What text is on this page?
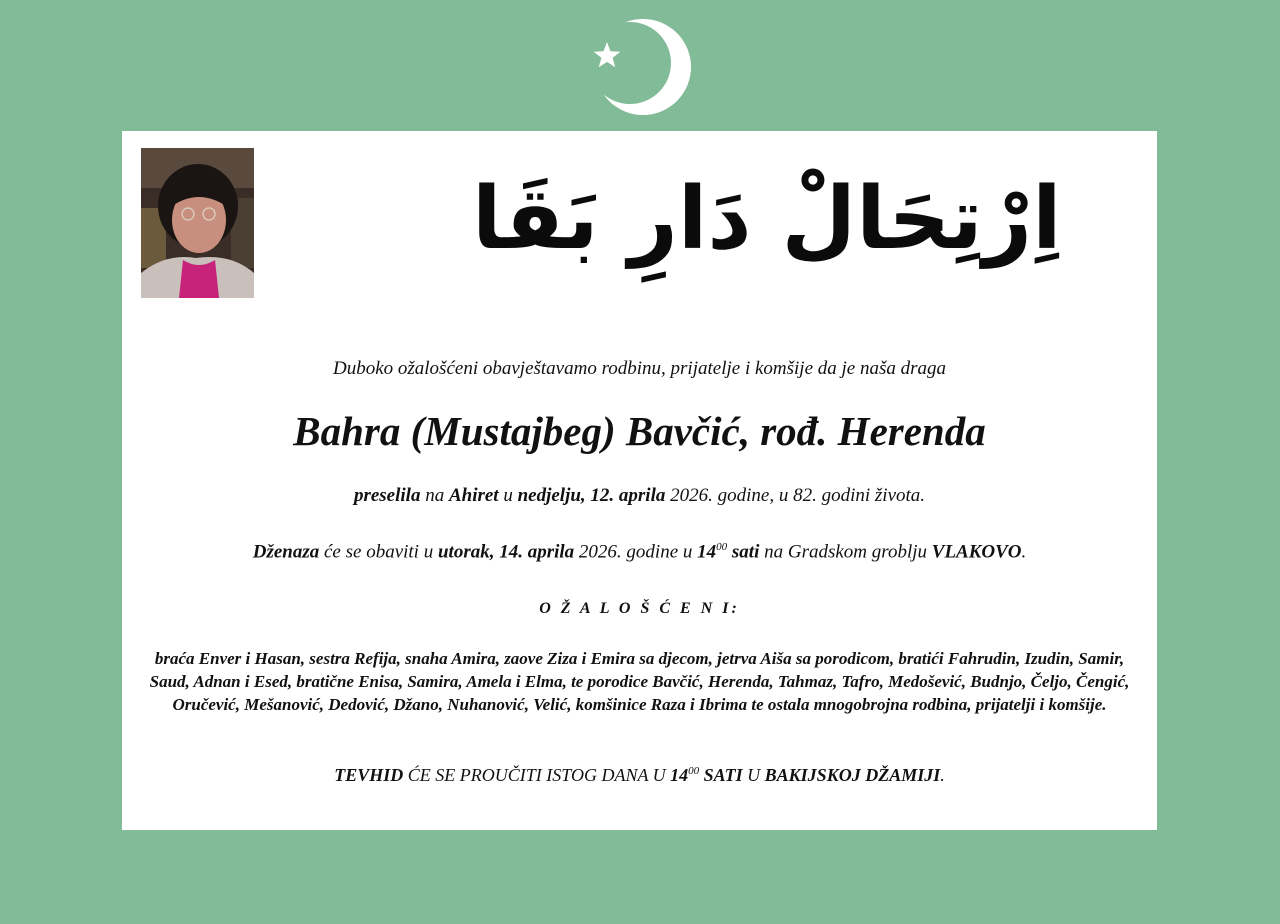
اِرْتِحَالْ دَارِ بَقَا
Duboko ožalošćeni obavještavamo rodbinu, prijatelje i komšije da je naša draga
Bahra (Mustajbeg) Bavčić, rođ. Herenda
preselila na Ahiret u nedjelju, 12. aprila 2026. godine, u 82. godini života.
Dženaza će se obaviti u utorak, 14. aprila 2026. godine u $14^{00}$ sati na Gradskom groblju VLAKOVO.
O Ž A L O Š Ć E N I:
braća Enver i Hasan, sestra Refija, snaha Amira, zaove Ziza i Emira sa djecom, jetrva Aiša sa porodicom, bratići Fahrudin, Izudin, Samir, Saud, Adnan i Esed, bratične Enisa, Samira, Amela i Elma, te porodice Bavčić, Herenda, Tahmaz, Tafro, Medošević, Budnjo, Čeljo, Čengić, Oručević, Mešanović, Dedović, Džano, Nuhanović, Velić, komšinice Raza i Ibrima te ostala mnogobrojna rodbina, prijatelji i komšije.
TEVHID ĆE SE PROUČITI ISTOG DANA U $14^{00}$ SATI U BAKIJSKOJ DŽAMIJI.
